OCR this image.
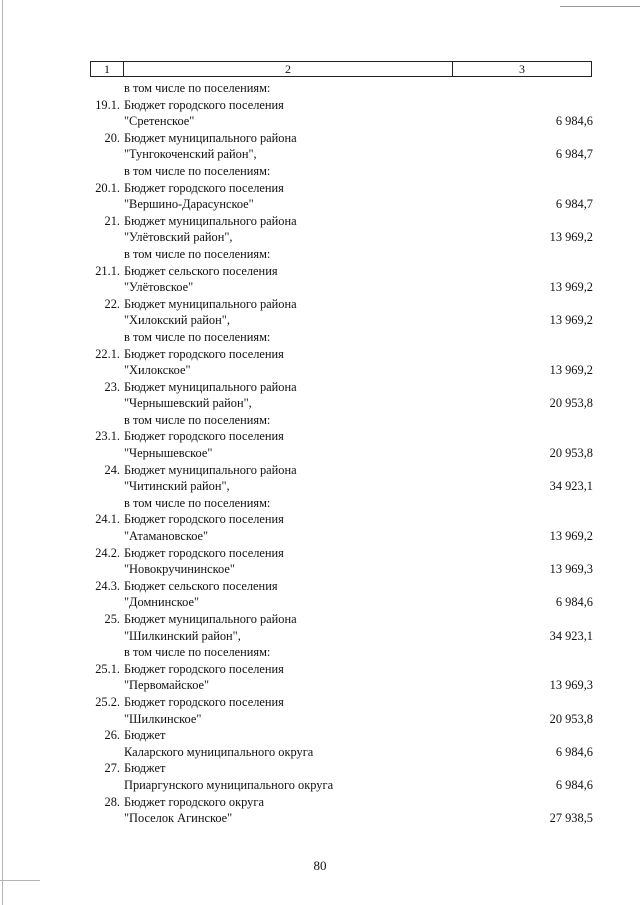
1	2	3
в том числе по поселениям:
19.1. Бюджет городского поселения
"Сретенское"	6 984,6
20. Бюджет муниципального района
"Тунгокоченский район",	6 984,7
в том числе по поселениям:
20.1. Бюджет городского поселения
"Вершино-Дарасунское"	6 984,7
21. Бюджет муниципального района
"Улётовский район",	13 969,2
в том числе по поселениям:
21.1. Бюджет сельского поселения
"Улётовское"	13 969,2
22. Бюджет муниципального района
"Хилокский район",	13 969,2
в том числе по поселениям:
22.1. Бюджет городского поселения
"Хилокское"	13 969,2
23. Бюджет муниципального района
"Чернышевский район",	20 953,8
в том числе по поселениям:
23.1. Бюджет городского поселения
"Чернышевское"	20 953,8
24. Бюджет муниципального района
"Читинский район",	34 923,1
в том числе по поселениям:
24.1. Бюджет городского поселения
"Атамановское"	13 969,2
24.2. Бюджет городского поселения
"Новокручининское"	13 969,3
24.3. Бюджет сельского поселения
"Домнинское"	6 984,6
25. Бюджет муниципального района
"Шилкинский район",	34 923,1
в том числе по поселениям:
25.1. Бюджет городского поселения
"Первомайское"	13 969,3
25.2. Бюджет городского поселения
"Шилкинское"	20 953,8
26. Бюджет
Каларского муниципального округа	6 984,6
27. Бюджет
Приаргунского муниципального округа	6 984,6
28. Бюджет городского округа
"Поселок Агинское"	27 938,5
80
